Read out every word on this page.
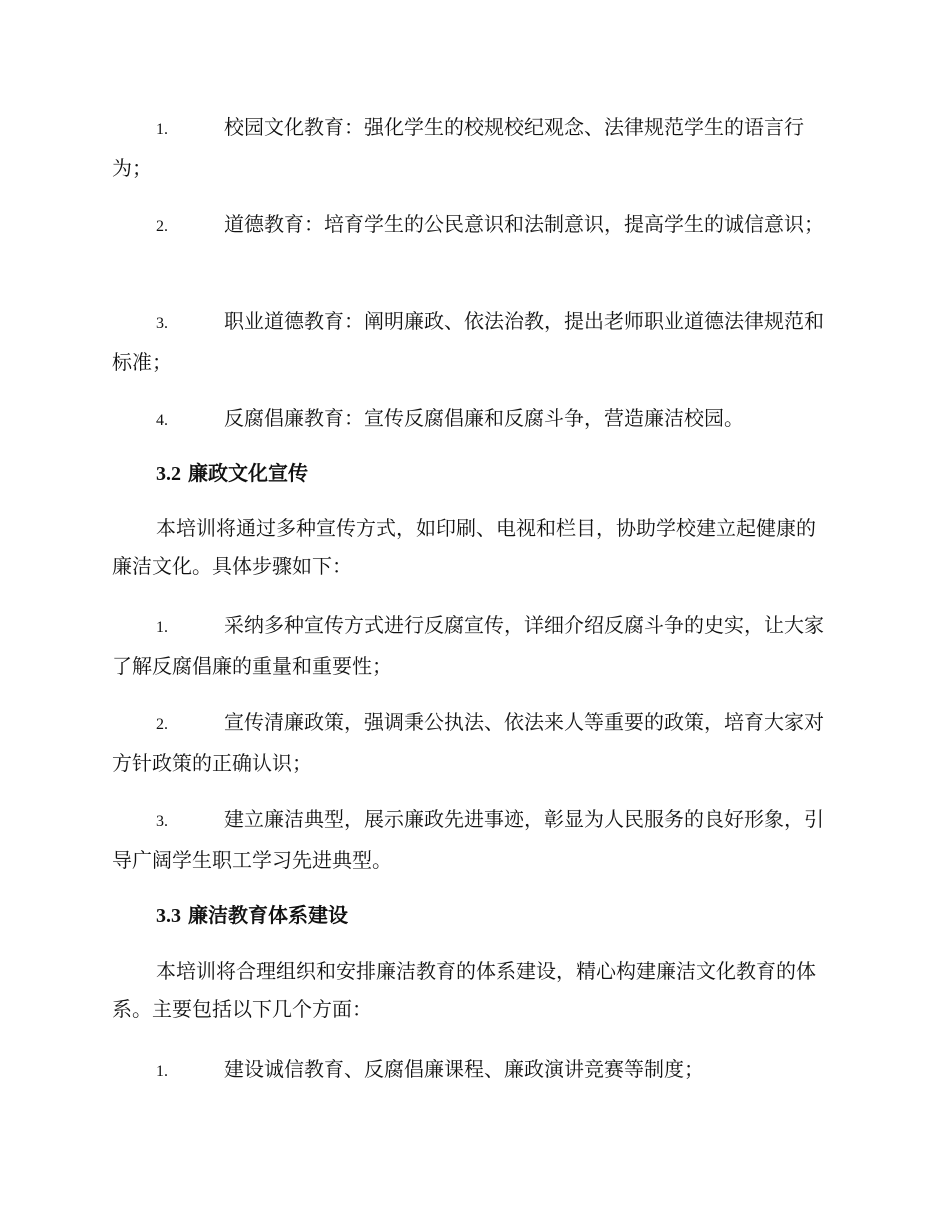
1.	校园文化教育：强化学生的校规校纪观念、法律规范学生的语言行为；

2.	道德教育：培育学生的公民意识和法制意识，提高学生的诚信意识；

3.	职业道德教育：阐明廉政、依法治教，提出老师职业道德法律规范和标准；

4.	反腐倡廉教育：宣传反腐倡廉和反腐斗争，营造廉洁校园。

3.2 廉政文化宣传

本培训将通过多种宣传方式，如印刷、电视和栏目，协助学校建立起健康的廉洁文化。具体步骤如下：

1.	采纳多种宣传方式进行反腐宣传，详细介绍反腐斗争的史实，让大家了解反腐倡廉的重量和重要性；

2.	宣传清廉政策，强调秉公执法、依法来人等重要的政策，培育大家对方针政策的正确认识；

3.	建立廉洁典型，展示廉政先进事迹，彰显为人民服务的良好形象，引导广阔学生职工学习先进典型。

3.3 廉洁教育体系建设

本培训将合理组织和安排廉洁教育的体系建设，精心构建廉洁文化教育的体系。主要包括以下几个方面：

1.	建设诚信教育、反腐倡廉课程、廉政演讲竞赛等制度；
